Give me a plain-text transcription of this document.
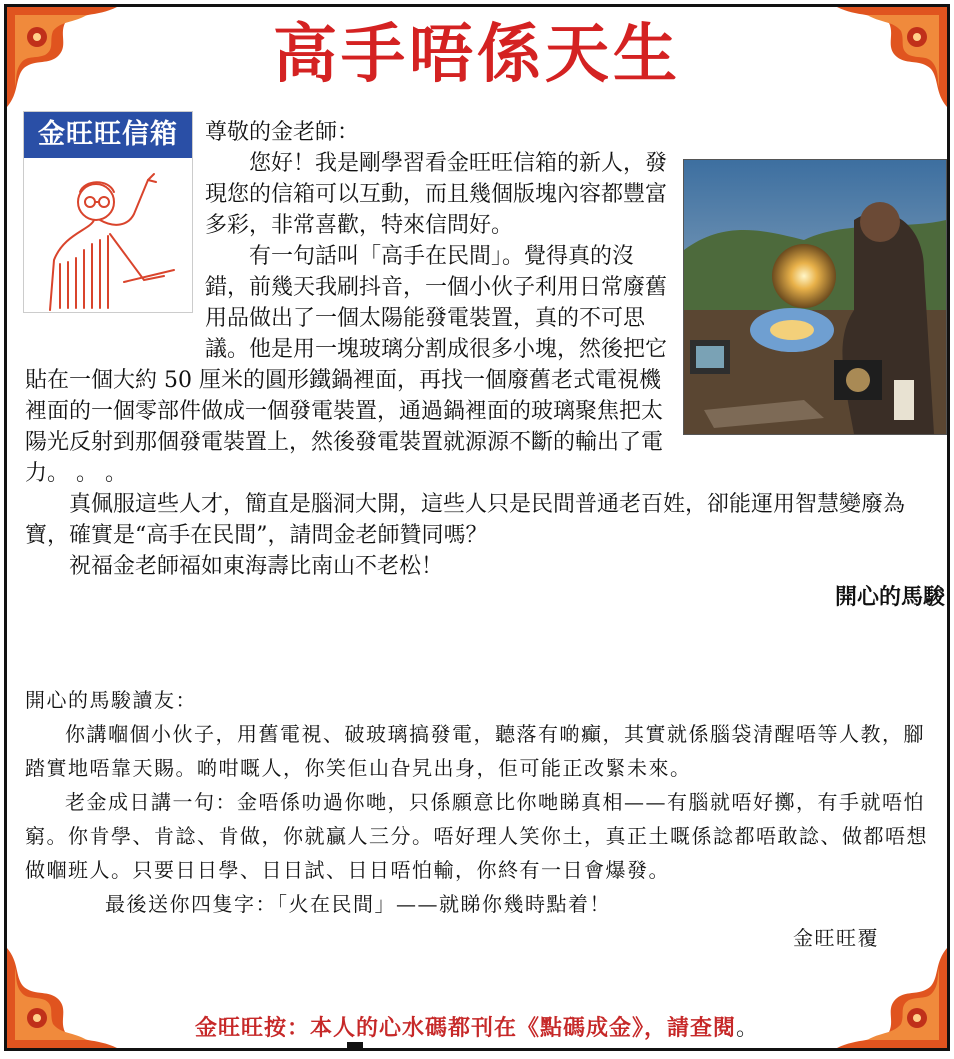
高手唔係天生
金旺旺信箱	尊敬的金老師：

您好！我是剛學習看金旺旺信箱的新人，發現您的信箱可以互動，而且幾個版塊內容都豐富多彩，非常喜歡，特來信問好。

有一句話叫「高手在民間」。覺得真的沒錯，前幾天我刷抖音，一個小伙子利用日常廢舊用品做出了一個太陽能發電裝置，真的不可思議。他是用一塊玻璃分割成很多小塊，然後把它貼在一個大約 50 厘米的圓形鐵鍋裡面，再找一個廢舊老式電視機裡面的一個零部件做成一個發電裝置，通過鍋裡面的玻璃聚焦把太陽光反射到那個發電裝置上，然後發電裝置就源源不斷的輸出了電力。 。 。

真佩服這些人才，簡直是腦洞大開，這些人只是民間普通老百姓，卻能運用智慧變廢為寶，確實是“高手在民間”，請問金老師贊同嗎？

祝福金老師福如東海壽比南山不老松！

開心的馬駿

開心的馬駿讀友：

你講嗰個小伙子，用舊電視、破玻璃搞發電，聽落有啲癲，其實就係腦袋清醒唔等人教，腳踏實地唔靠天賜。啲咁嘅人，你笑佢山旮旯出身，佢可能正改緊未來。

老金成日講一句：金唔係叻過你哋，只係願意比你哋睇真相——有腦就唔好擲，有手就唔怕窮。你肯學、肯諗、肯做，你就贏人三分。唔好理人笑你土，真正土嘅係諗都唔敢諗、做都唔想做嗰班人。只要日日學、日日試、日日唔怕輸，你終有一日會爆發。

最後送你四隻字：「火在民間」——就睇你幾時點着！

金旺旺覆

金旺旺按：本人的心水碼都刊在《點碼成金》，請查閱。
